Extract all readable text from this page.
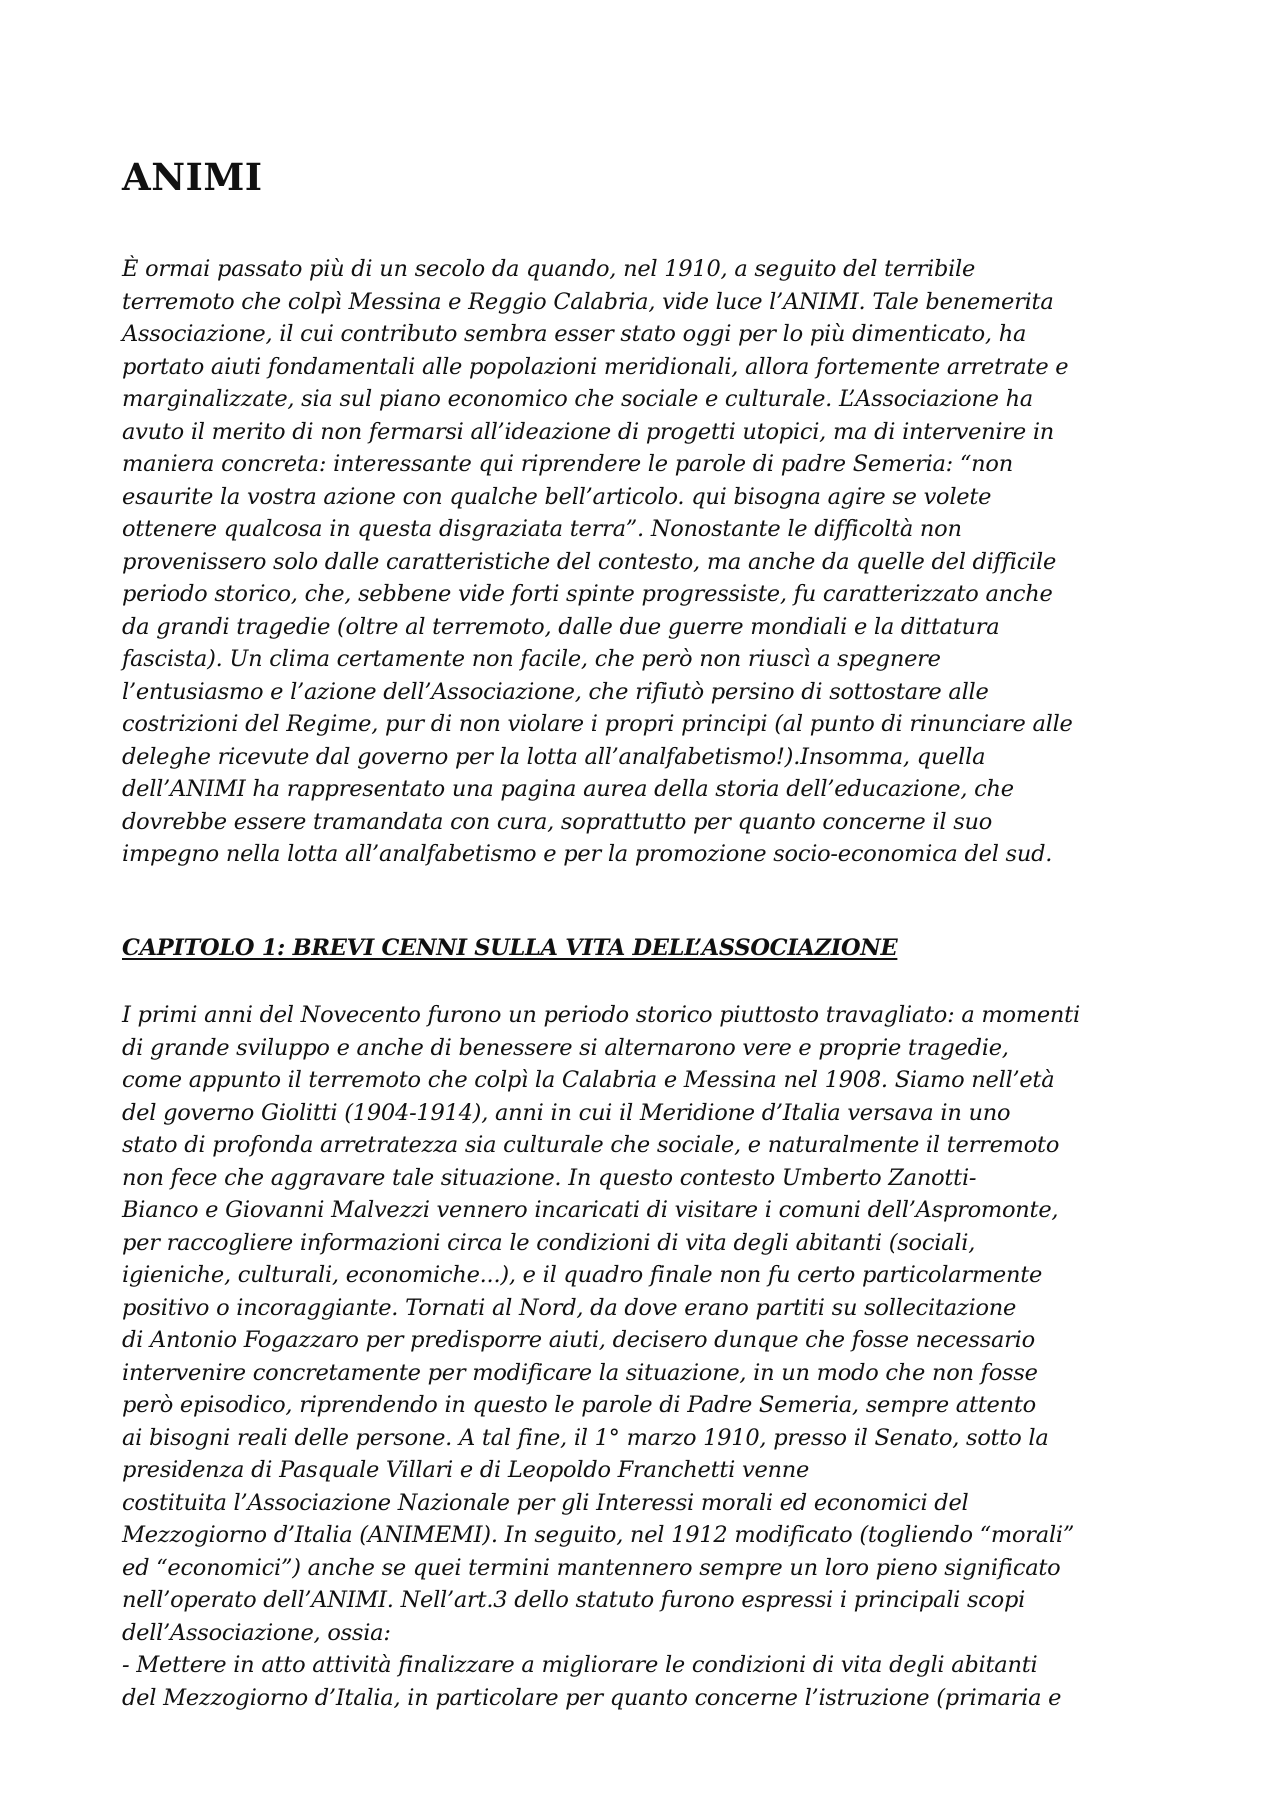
ANIMI
È ormai passato più di un secolo da quando, nel 1910, a seguito del terribile
terremoto che colpì Messina e Reggio Calabria, vide luce l’ANIMI. Tale benemerita
Associazione, il cui contributo sembra esser stato oggi per lo più dimenticato, ha
portato aiuti fondamentali alle popolazioni meridionali, allora fortemente arretrate e
marginalizzate, sia sul piano economico che sociale e culturale. L’Associazione ha
avuto il merito di non fermarsi all’ideazione di progetti utopici, ma di intervenire in
maniera concreta: interessante qui riprendere le parole di padre Semeria: “non
esaurite la vostra azione con qualche bell’articolo. qui bisogna agire se volete
ottenere qualcosa in questa disgraziata terra”. Nonostante le difficoltà non
provenissero solo dalle caratteristiche del contesto, ma anche da quelle del difficile
periodo storico, che, sebbene vide forti spinte progressiste, fu caratterizzato anche
da grandi tragedie (oltre al terremoto, dalle due guerre mondiali e la dittatura
fascista). Un clima certamente non facile, che però non riuscì a spegnere
l’entusiasmo e l’azione dell’Associazione, che rifiutò persino di sottostare alle
costrizioni del Regime, pur di non violare i propri principi (al punto di rinunciare alle
deleghe ricevute dal governo per la lotta all’analfabetismo!).Insomma, quella
dell’ANIMI ha rappresentato una pagina aurea della storia dell’educazione, che
dovrebbe essere tramandata con cura, soprattutto per quanto concerne il suo
impegno nella lotta all’analfabetismo e per la promozione socio-economica del sud.
CAPITOLO 1: BREVI CENNI SULLA VITA DELL’ASSOCIAZIONE
I primi anni del Novecento furono un periodo storico piuttosto travagliato: a momenti
di grande sviluppo e anche di benessere si alternarono vere e proprie tragedie,
come appunto il terremoto che colpì la Calabria e Messina nel 1908. Siamo nell’età
del governo Giolitti (1904-1914), anni in cui il Meridione d’Italia versava in uno
stato di profonda arretratezza sia culturale che sociale, e naturalmente il terremoto
non fece che aggravare tale situazione. In questo contesto Umberto Zanotti-
Bianco e Giovanni Malvezzi vennero incaricati di visitare i comuni dell’Aspromonte,
per raccogliere informazioni circa le condizioni di vita degli abitanti (sociali,
igieniche, culturali, economiche...), e il quadro finale non fu certo particolarmente
positivo o incoraggiante. Tornati al Nord, da dove erano partiti su sollecitazione
di Antonio Fogazzaro per predisporre aiuti, decisero dunque che fosse necessario
intervenire concretamente per modificare la situazione, in un modo che non fosse
però episodico, riprendendo in questo le parole di Padre Semeria, sempre attento
ai bisogni reali delle persone. A tal fine, il 1° marzo 1910, presso il Senato, sotto la
presidenza di Pasquale Villari e di Leopoldo Franchetti venne
costituita l’Associazione Nazionale per gli Interessi morali ed economici del
Mezzogiorno d’Italia (ANIMEMI). In seguito, nel 1912 modificato (togliendo “morali”
ed “economici”) anche se quei termini mantennero sempre un loro pieno significato
nell’operato dell’ANIMI. Nell’art.3 dello statuto furono espressi i principali scopi
dell’Associazione, ossia:
- Mettere in atto attività finalizzare a migliorare le condizioni di vita degli abitanti
del Mezzogiorno d’Italia, in particolare per quanto concerne l’istruzione (primaria e
